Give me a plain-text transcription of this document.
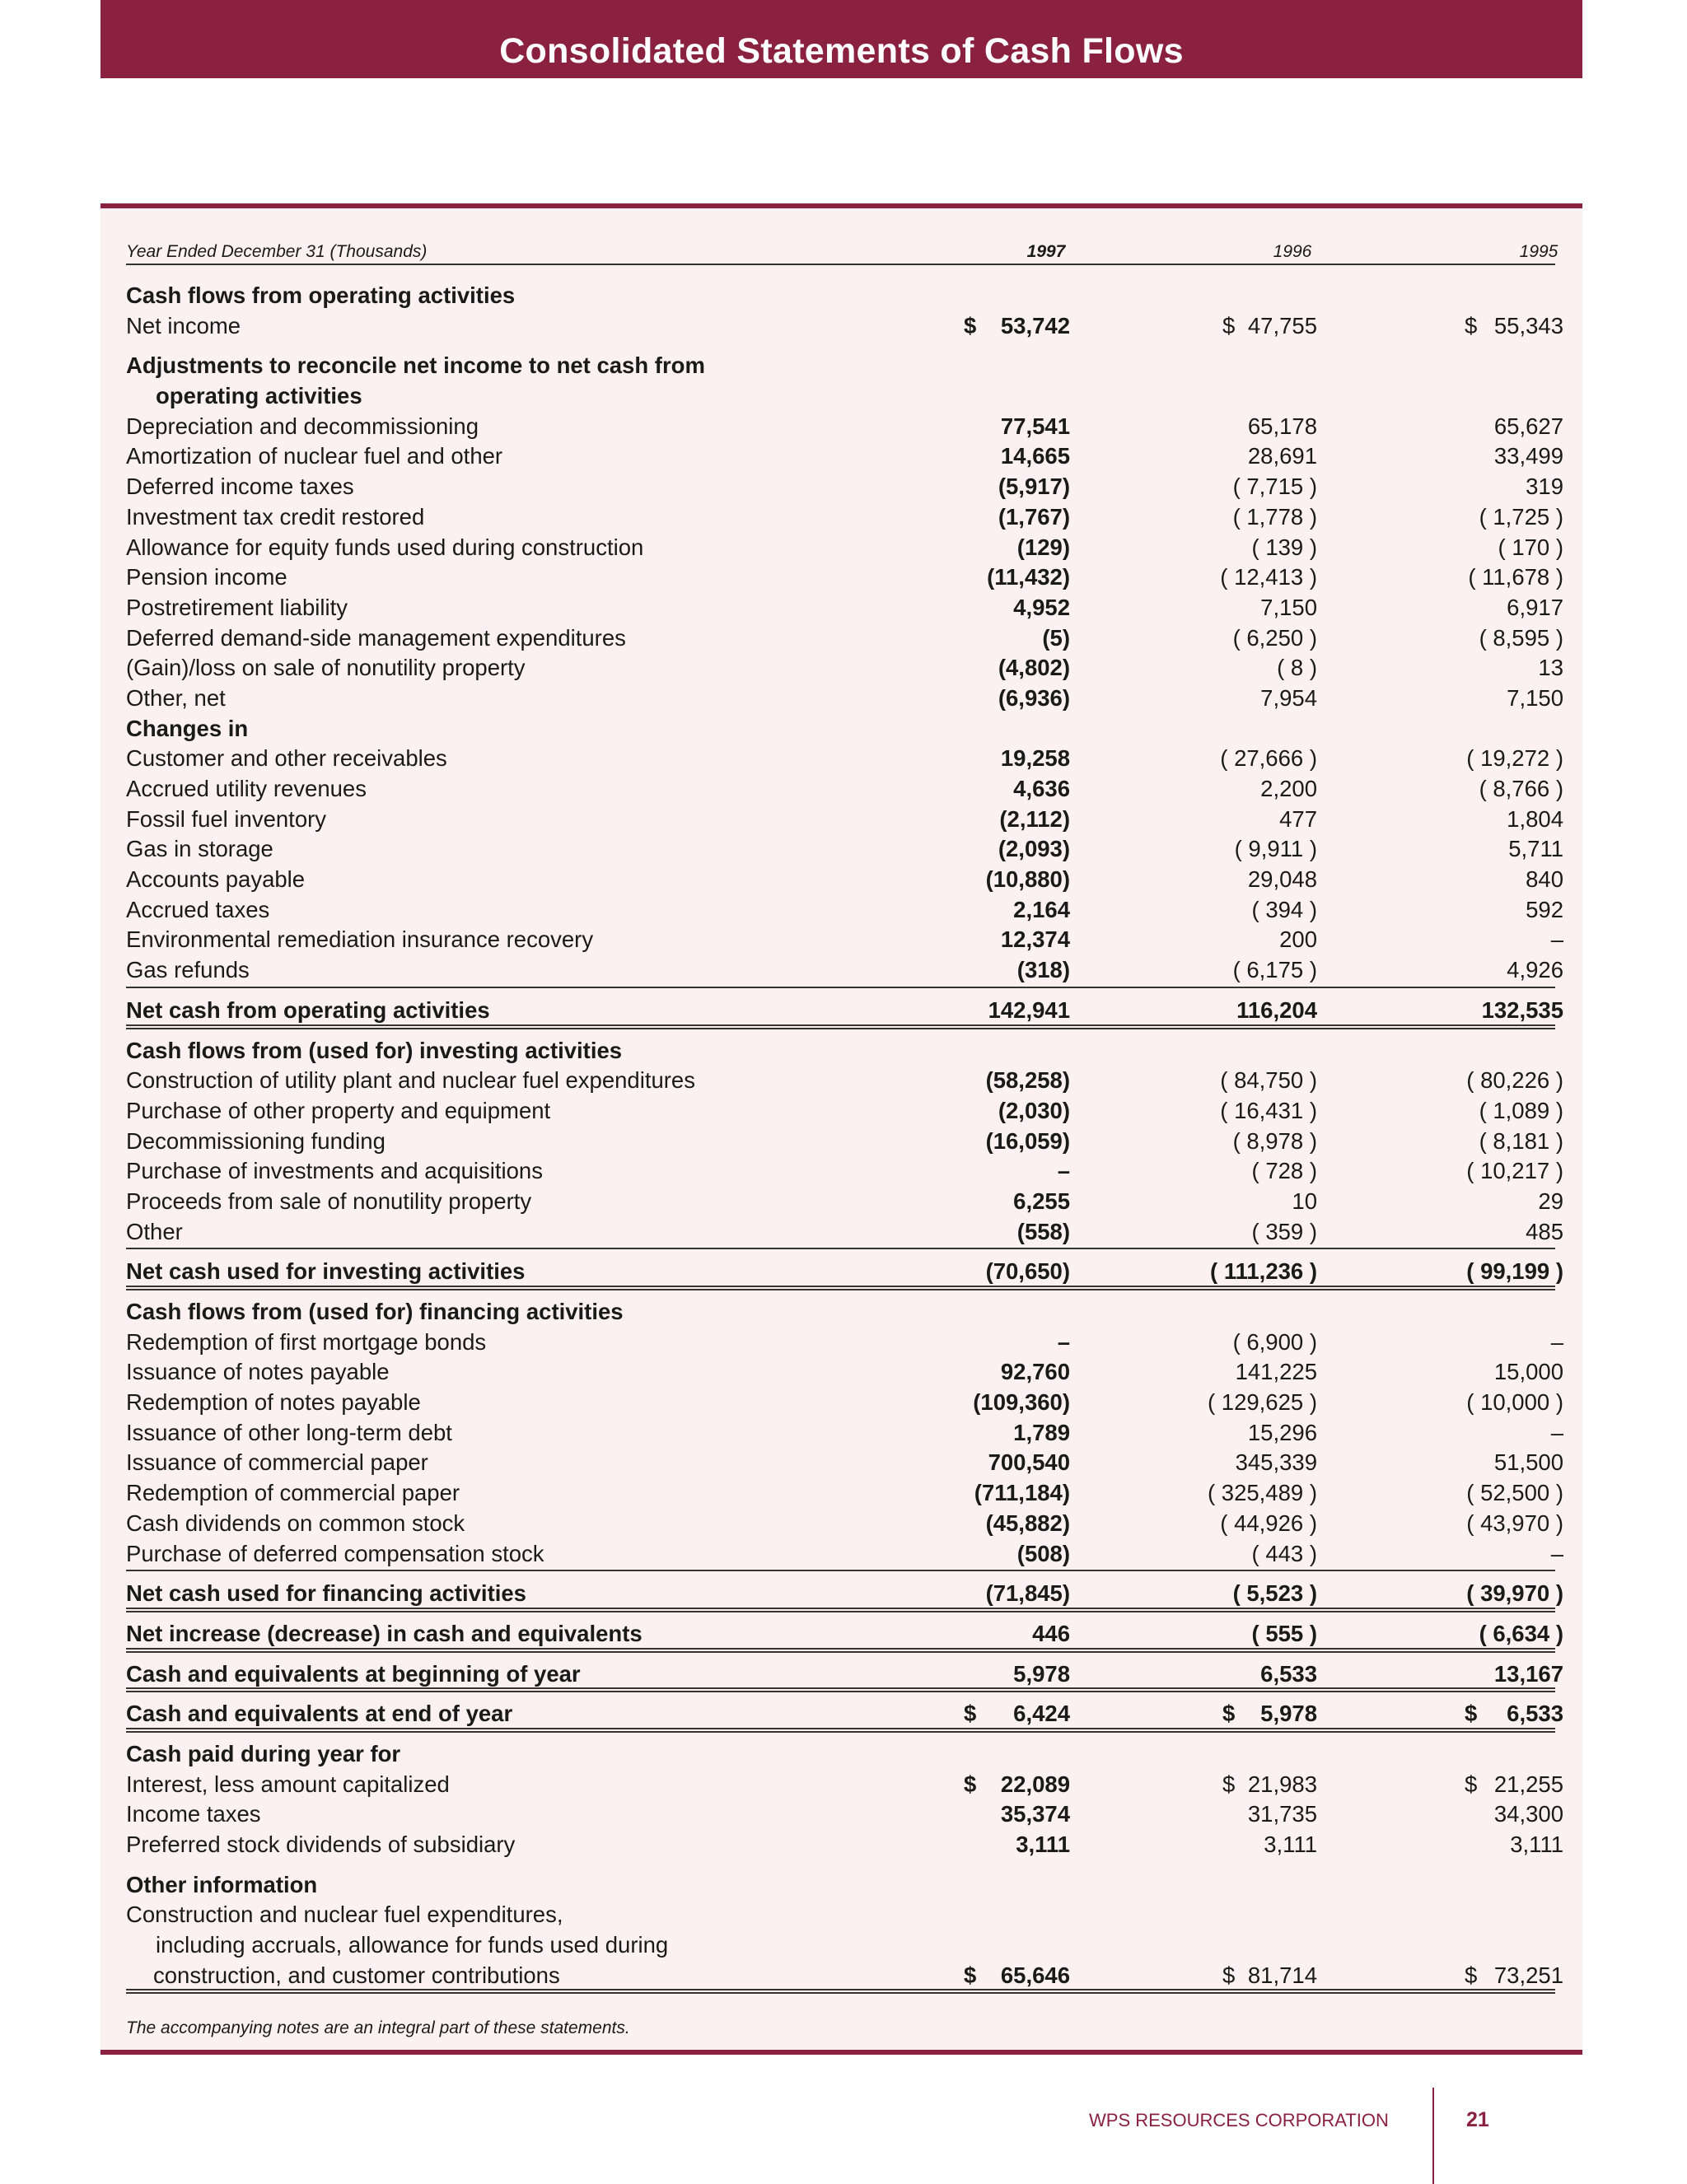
Consolidated Statements of Cash Flows
Year Ended December 31 (Thousands)	1997	1996	1995
Cash flows from operating activities
Net income	$	53,742	$ 47,755	$ 55,343
Adjustments to reconcile net income to net cash from
operating activities
Depreciation and decommissioning	77,541	65,178	65,627
Amortization of nuclear fuel and other	14,665	28,691	33,499
Deferred income taxes	(5,917)	( 7,715 )	319
Investment tax credit restored	(1,767)	( 1,778 )	( 1,725 )
Allowance for equity funds used during construction	(129)	( 139 )	( 170 )
Pension income	(11,432)	( 12,413 )	( 11,678 )
Postretirement liability	4,952	7,150	6,917
Deferred demand-side management expenditures	(5)	( 6,250 )	( 8,595 )
(Gain)/loss on sale of nonutility property	(4,802)	( 8 )	13
Other, net	(6,936)	7,954	7,150
Changes in
Customer and other receivables	19,258	( 27,666 )	( 19,272 )
Accrued utility revenues	4,636	2,200	( 8,766 )
Fossil fuel inventory	(2,112)	477	1,804
Gas in storage	(2,093)	( 9,911 )	5,711
Accounts payable	(10,880)	29,048	840
Accrued taxes	2,164	( 394 )	592
Environmental remediation insurance recovery	12,374	200	–
Gas refunds	(318)	( 6,175 )	4,926
Net cash from operating activities	142,941	116,204	132,535
Cash flows from (used for) investing activities
Construction of utility plant and nuclear fuel expenditures	(58,258)	( 84,750 )	( 80,226 )
Purchase of other property and equipment	(2,030)	( 16,431 )	( 1,089 )
Decommissioning funding	(16,059)	( 8,978 )	( 8,181 )
Purchase of investments and acquisitions	–	( 728 )	( 10,217 )
Proceeds from sale of nonutility property	6,255	10	29
Other	(558)	( 359 )	485
Net cash used for investing activities	(70,650)	( 111,236 )	( 99,199 )
Cash flows from (used for) financing activities
Redemption of first mortgage bonds	–	( 6,900 )	–
Issuance of notes payable	92,760	141,225	15,000
Redemption of notes payable	(109,360)	( 129,625 )	( 10,000 )
Issuance of other long-term debt	1,789	15,296	–
Issuance of commercial paper	700,540	345,339	51,500
Redemption of commercial paper	(711,184)	( 325,489 )	( 52,500 )
Cash dividends on common stock	(45,882)	( 44,926 )	( 43,970 )
Purchase of deferred compensation stock	(508)	( 443 )	–
Net cash used for financing activities	(71,845)	( 5,523 )	( 39,970 )
Net increase (decrease) in cash and equivalents	446	( 555 )	( 6,634 )
Cash and equivalents at beginning of year	5,978	6,533	13,167
Cash and equivalents at end of year	$	6,424	$	5,978	$	6,533
Cash paid during year for
Interest, less amount capitalized	$	22,089	$ 21,983	$ 21,255
Income taxes	35,374	31,735	34,300
Preferred stock dividends of subsidiary	3,111	3,111	3,111
Other information
Construction and nuclear fuel expenditures,
including accruals, allowance for funds used during
construction, and customer contributions	$	65,646	$ 81,714	$ 73,251
The accompanying notes are an integral part of these statements.
WPS RESOURCES CORPORATION	21
